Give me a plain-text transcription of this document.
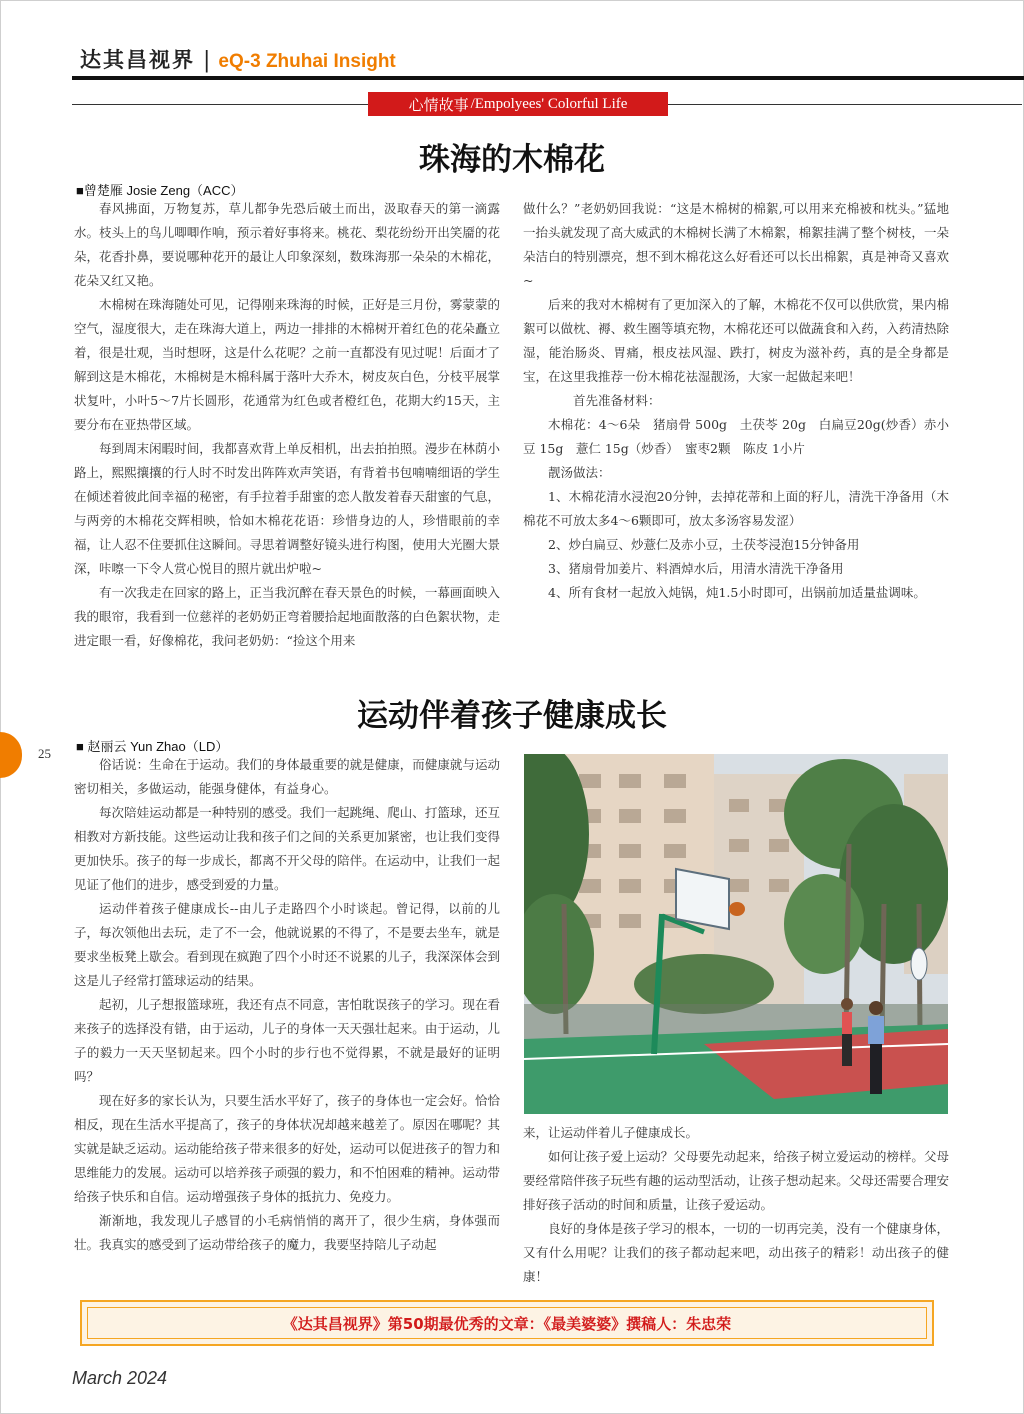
达其昌视界 | eQ-3 Zhuhai Insight
心情故事 /Empolyees' Colorful Life
珠海的木棉花
■曾楚雁 Josie Zeng（ACC）

春风拂面，万物复苏，草儿都争先恐后破土而出，汲取春天的第一滴露水。枝头上的鸟儿唧唧作响，预示着好事将来。桃花、梨花纷纷开出笑靥的花朵，花香扑鼻，要说哪种花开的最让人印象深刻，数珠海那一朵朵的木棉花，花朵又红又艳。

木棉树在珠海随处可见，记得刚来珠海的时候，正好是三月份，雾蒙蒙的空气，湿度很大，走在珠海大道上，两边一排排的木棉树开着红色的花朵矗立着，很是壮观，当时想呀，这是什么花呢？之前一直都没有见过呢！后面才了解到这是木棉花，木棉树是木棉科属于落叶大乔木，树皮灰白色，分枝平展掌状复叶，小叶5～7片长圆形，花通常为红色或者橙红色，花期大约15天，主要分布在亚热带区域。

每到周末闲暇时间，我都喜欢背上单反相机，出去拍拍照。漫步在林荫小路上，熙熙攘攘的行人时不时发出阵阵欢声笑语，有背着书包喃喃细语的学生在倾述着彼此间幸福的秘密，有手拉着手甜蜜的恋人散发着春天甜蜜的气息，与两旁的木棉花交辉相映，恰如木棉花花语：珍惜身边的人，珍惜眼前的幸福，让人忍不住要抓住这瞬间。寻思着调整好镜头进行构图，使用大光圈大景深，咔嚓一下令人赏心悦目的照片就出炉啦~

有一次我走在回家的路上，正当我沉醉在春天景色的时候，一幕画面映入我的眼帘，我看到一位慈祥的老奶奶正弯着腰拾起地面散落的白色絮状物，走进定眼一看，好像棉花，我问老奶奶：“捡这个用来

做什么？”老奶奶回我说：“这是木棉树的棉絮,可以用来充棉被和枕头。”猛地一抬头就发现了高大威武的木棉树长满了木棉絮，棉絮挂满了整个树枝，一朵朵洁白的特别漂亮，想不到木棉花这么好看还可以长出棉絮，真是神奇又喜欢~

后来的我对木棉树有了更加深入的了解，木棉花不仅可以供欣赏，果内棉絮可以做枕、褥、救生圈等填充物，木棉花还可以做蔬食和入药，入药清热除湿，能治肠炎、胃痛，根皮祛风湿、跌打，树皮为滋补药，真的是全身都是宝，在这里我推荐一份木棉花祛湿靓汤，大家一起做起来吧！

首先准备材料：

木棉花：4～6朵　猪扇骨 500g　土茯苓 20g　白扁豆20g(炒香）赤小豆 15g　薏仁 15g（炒香）　蜜枣2颗　陈皮 1小片

靓汤做法：

1、木棉花清水浸泡20分钟，去掉花蒂和上面的籽儿，清洗干净备用（木棉花不可放太多4～6颗即可，放太多汤容易发涩）

2、炒白扁豆、炒薏仁及赤小豆，土茯苓浸泡15分钟备用

3、猪扇骨加姜片、料酒焯水后，用清水清洗干净备用

4、所有食材一起放入炖锅，炖1.5小时即可，出锅前加适量盐调味。

运动伴着孩子健康成长
■ 赵丽云 Yun Zhao（LD）
25

俗话说：生命在于运动。我们的身体最重要的就是健康，而健康就与运动密切相关，多做运动，能强身健体，有益身心。

每次陪娃运动都是一种特别的感受。我们一起跳绳、爬山、打篮球，还互相教对方新技能。这些运动让我和孩子们之间的关系更加紧密，也让我们变得更加快乐。孩子的每一步成长，都离不开父母的陪伴。在运动中，让我们一起见证了他们的进步，感受到爱的力量。

运动伴着孩子健康成长--由儿子走路四个小时谈起。曾记得，以前的儿子，每次领他出去玩，走了不一会，他就说累的不得了，不是要去坐车，就是要求坐板凳上歇会。看到现在疯跑了四个小时还不说累的儿子，我深深体会到这是儿子经常打篮球运动的结果。

起初，儿子想报篮球班，我还有点不同意，害怕耽误孩子的学习。现在看来孩子的选择没有错，由于运动，儿子的身体一天天强壮起来。由于运动，儿子的毅力一天天坚韧起来。四个小时的步行也不觉得累，不就是最好的证明吗？

现在好多的家长认为，只要生活水平好了，孩子的身体也一定会好。恰恰相反，现在生活水平提高了，孩子的身体状况却越来越差了。原因在哪呢？其实就是缺乏运动。运动能给孩子带来很多的好处，运动可以促进孩子的智力和思维能力的发展。运动可以培养孩子顽强的毅力，和不怕困难的精神。运动带给孩子快乐和自信。运动增强孩子身体的抵抗力、免疫力。

渐渐地，我发现儿子感冒的小毛病悄悄的离开了，很少生病，身体强而壮。我真实的感受到了运动带给孩子的魔力，我要坚持陪儿子动起

来，让运动伴着儿子健康成长。

如何让孩子爱上运动？父母要先动起来，给孩子树立爱运动的榜样。父母要经常陪伴孩子玩些有趣的运动型活动，让孩子想动起来。父母还需要合理安排好孩子活动的时间和质量，让孩子爱运动。

良好的身体是孩子学习的根本，一切的一切再完美，没有一个健康身体，又有什么用呢？让我们的孩子都动起来吧，动出孩子的精彩！动出孩子的健康！

《达其昌视界》第50期最优秀的文章：《最美婆婆》撰稿人：朱忠荣
March 2024
